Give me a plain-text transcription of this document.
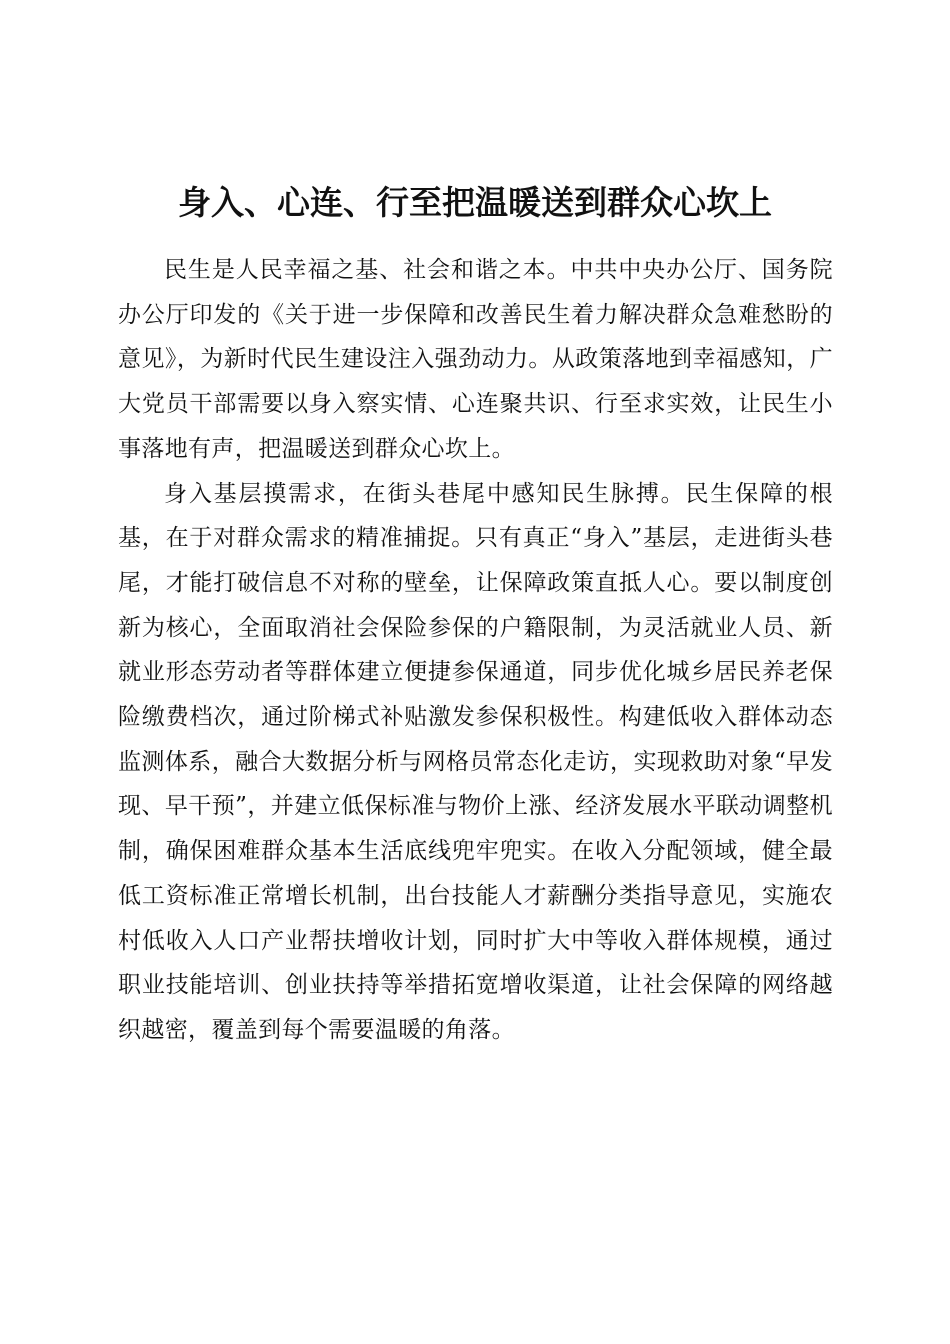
身入、心连、行至把温暖送到群众心坎上

民生是人民幸福之基、社会和谐之本。中共中央办公厅、国务院办公厅印发的《关于进一步保障和改善民生着力解决群众急难愁盼的意见》，为新时代民生建设注入强劲动力。从政策落地到幸福感知，广大党员干部需要以身入察实情、心连聚共识、行至求实效，让民生小事落地有声，把温暖送到群众心坎上。

身入基层摸需求，在街头巷尾中感知民生脉搏。民生保障的根基，在于对群众需求的精准捕捉。只有真正“身入”基层，走进街头巷尾，才能打破信息不对称的壁垒，让保障政策直抵人心。要以制度创新为核心，全面取消社会保险参保的户籍限制，为灵活就业人员、新就业形态劳动者等群体建立便捷参保通道，同步优化城乡居民养老保险缴费档次，通过阶梯式补贴激发参保积极性。构建低收入群体动态监测体系，融合大数据分析与网格员常态化走访，实现救助对象“早发现、早干预”，并建立低保标准与物价上涨、经济发展水平联动调整机制，确保困难群众基本生活底线兜牢兜实。在收入分配领域，健全最低工资标准正常增长机制，出台技能人才薪酬分类指导意见，实施农村低收入人口产业帮扶增收计划，同时扩大中等收入群体规模，通过职业技能培训、创业扶持等举措拓宽增收渠道，让社会保障的网络越织越密，覆盖到每个需要温暖的角落。
